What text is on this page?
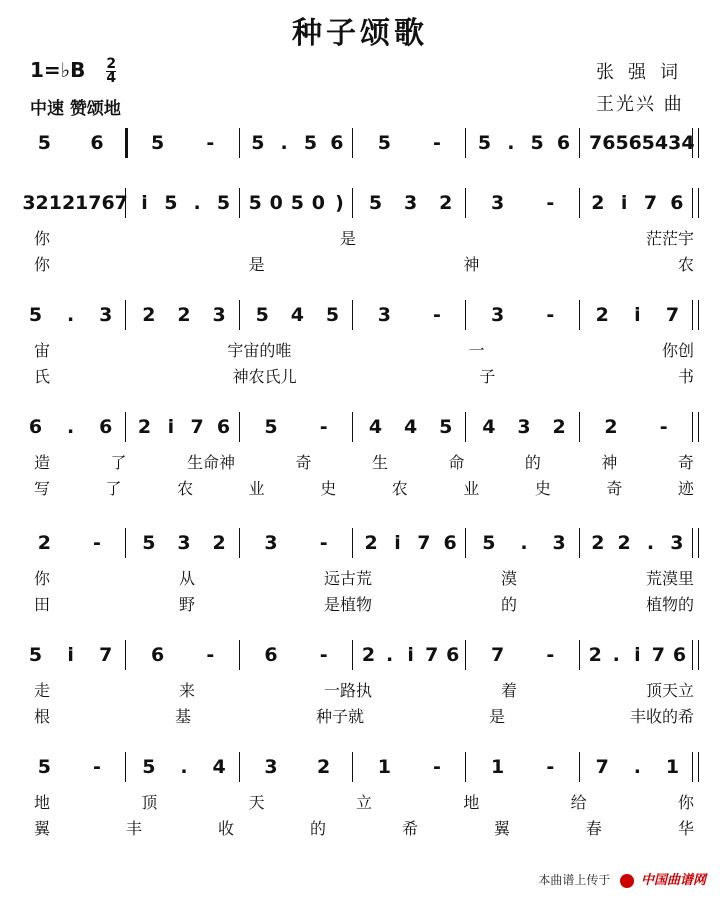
种子颂歌
1=♭B $\frac{2}{4}$
中速 赞颂地
张强词
王光兴 曲
5 6 5 - 5 . 5 6 5 - 5 . 5 6 7656 5434
3212 1767 i 5 . 5 5 0 5 0 ) 5 3 2 3 - 2 i 7 6
你	是	茫茫宇
你	是	神	农
5 . 3 2 2 3 5 4 5 3 -	3 - 2	i	7
宙	宇宙的唯	一	你创
氏	神农氏儿	子	书
6 . 6 2 i 7 6 5 - 4 4 5 4 3 2 2 -
造	了	生命神	奇	生	命	的	神	奇
写	了	农	业	史	农	业	史	奇	迹
2 - 5 3 2 3 - 2 i 7 6 5 . 3 2 2 . 3
你	从	远古荒	漠	荒漠里
田	野	是植物	的	植物的
5	i	7 6 -	6 - 2 . i 7 6 7 - 2 . i 7 6
走	来	一路执	着	顶天立
根	基	种子就	是	丰收的希
5 - 5 . 4 3 2 1 -	1 - 7 . 1
地	顶	天	立	地	给	你
翼	丰	收	的	希	翼	春	华
本曲谱上传于 中国曲谱网
